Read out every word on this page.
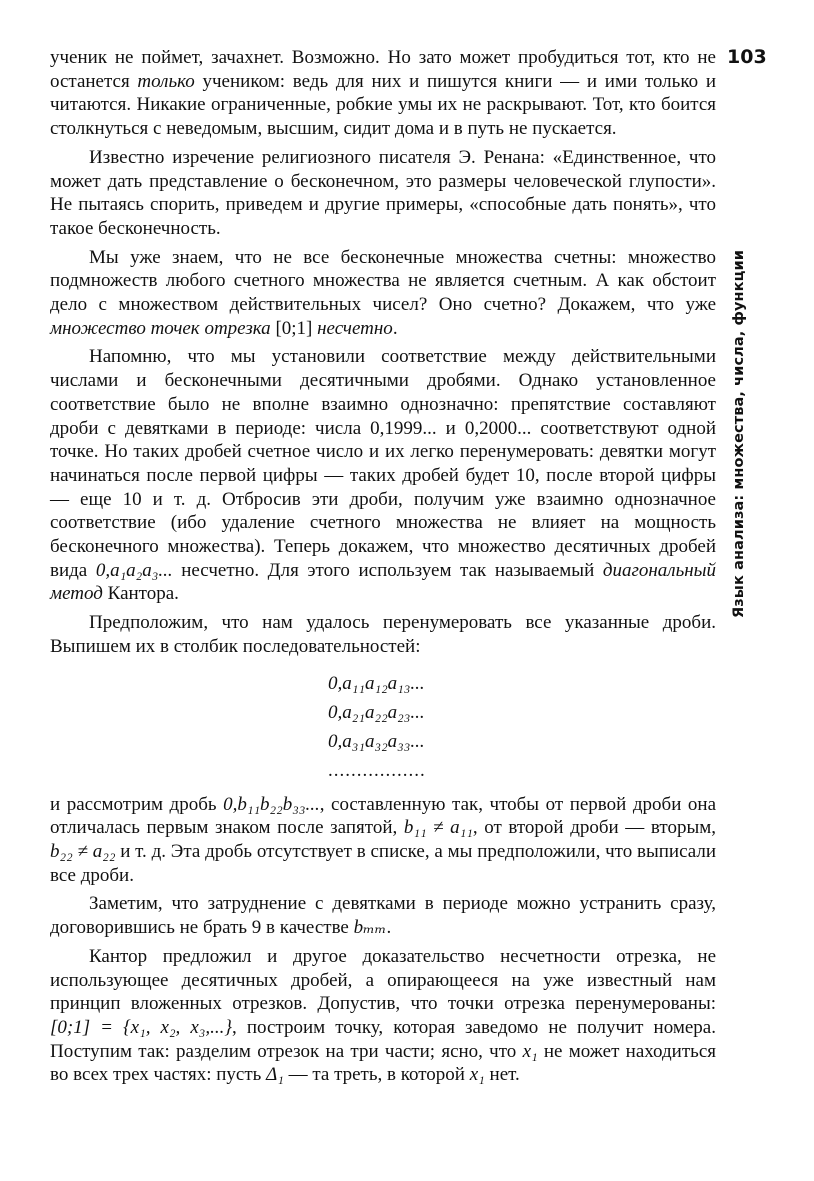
103
Язык анализа: множества, числа, функции

ученик не поймет, зачахнет. Возможно. Но зато может пробудиться тот, кто не останется только учеником: ведь для них и пишутся книги — и ими только и читаются. Никакие ограниченные, робкие умы их не раскрывают. Тот, кто боится столкнуться с неведомым, высшим, сидит дома и в путь не пускается.

Известно изречение религиозного писателя Э. Ренана: «Единственное, что может дать представление о бесконечном, это размеры человеческой глупости». Не пытаясь спорить, приведем и другие примеры, «способные дать понять», что такое бесконечность.

Мы уже знаем, что не все бесконечные множества счетны: множество подмножеств любого счетного множества не является счетным. А как обстоит дело с множеством действительных чисел? Оно счетно? Докажем, что уже множество точек отрезка [0;1] несчетно.

Напомню, что мы установили соответствие между действительными числами и бесконечными десятичными дробями. Однако установленное соответствие было не вполне взаимно однозначно: препятствие составляют дроби с девятками в периоде: числа 0,1999... и 0,2000... соответствуют одной точке. Но таких дробей счетное число и их легко перенумеровать: девятки могут начинаться после первой цифры — таких дробей будет 10, после второй цифры — еще 10 и т. д. Отбросив эти дроби, получим уже взаимно однозначное соответствие (ибо удаление счетного множества не влияет на мощность бесконечного множества). Теперь докажем, что множество десятичных дробей вида 0,a₁a₂a₃... несчетно. Для этого используем так называемый диагональный метод Кантора.

Предположим, что нам удалось перенумеровать все указанные дроби. Выпишем их в столбик последовательностей:

0,a₁₁a₁₂a₁₃...
0,a₂₁a₂₂a₂₃...
0,a₃₁a₃₂a₃₃...
.................

и рассмотрим дробь 0,b₁₁b₂₂b₃₃..., составленную так, чтобы от первой дроби она отличалась первым знаком после запятой, b₁₁ ≠ a₁₁, от второй дроби — вторым, b₂₂ ≠ a₂₂ и т. д. Эта дробь отсутствует в списке, а мы предположили, что выписали все дроби.

Заметим, что затруднение с девятками в периоде можно устранить сразу, договорившись не брать 9 в качестве bₘₘ.

Кантор предложил и другое доказательство несчетности отрезка, не использующее десятичных дробей, а опирающееся на уже известный нам принцип вложенных отрезков. Допустив, что точки отрезка перенумерованы: [0;1] = {x₁, x₂, x₃,...}, построим точку, которая заведомо не получит номера. Поступим так: разделим отрезок на три части; ясно, что x₁ не может находиться во всех трех частях: пусть Δ₁ — та треть, в которой x₁ нет.
